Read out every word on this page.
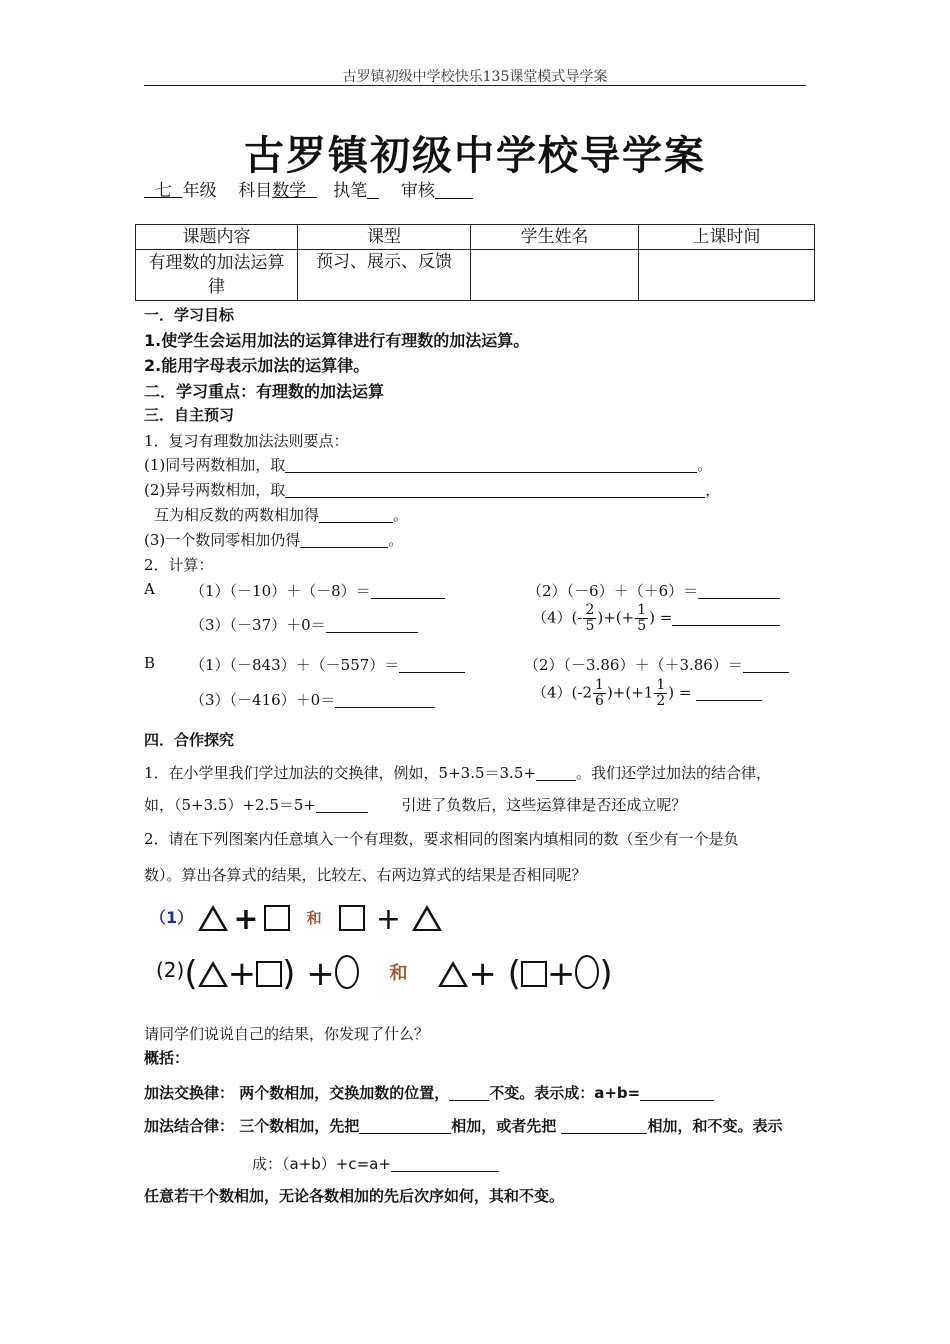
古罗镇初级中学校快乐135课堂模式导学案
古罗镇初级中学校导学案
七 年级 科目数学 执笔 审核
课题内容	课型	学生姓名	上课时间
有理数的加法运算律	预习、展示、反馈		
一．学习目标
1.使学生会运用加法的运算律进行有理数的加法运算。
2.能用字母表示加法的运算律。
二．学习重点：有理数的加法运算
三．自主预习
1．复习有理数加法法则要点：
(1)同号两数相加，取	。
(2)异号两数相加，取	，
互为相反数的两数相加得	。
(3)一个数同零相加仍得	。
2．计算：
A （1）（－10）＋（－8）＝	（2）（－6）＋（＋6）＝
（3）（－37）＋0＝	$(4)(- \frac{2}{5}$ )+(+ $\frac{1}{5}$ ) =
B （1）（－843）＋（－557）＝	（2）（－3.86）＋（＋3.86）＝
（3）（－416）＋0＝	$(4)(-2 \frac{1}{6} )+(+1 \frac{1}{2}$ ) =
四．合作探究
1．在小学里我们学过加法的交换律，例如，5+3.5＝3.5+	。我们还学过加法的结合律，
如，（5+3.5）+2.5＝5+	引进了负数后，这些运算律是否还成立呢？
2．请在下列图案内任意填入一个有理数，要求相同的图案内填相同的数（至少有一个是负
数）。算出各算式的结果，比较左、右两边算式的结果是否相同呢？
（1） +	和 +
$^{(2)}$( + ) +	和 + ( + )
请同学们说说自己的结果，你发现了什么？
概括：
加法交换律： 两个数相加，交换加数的位置，	不变。表示成：a+b=
加法结合律： 三个数相加，先把	相加，或者先把	相加，和不变。表示
成：（a+b）+c=a+
任意若干个数相加，无论各数相加的先后次序如何，其和不变。
